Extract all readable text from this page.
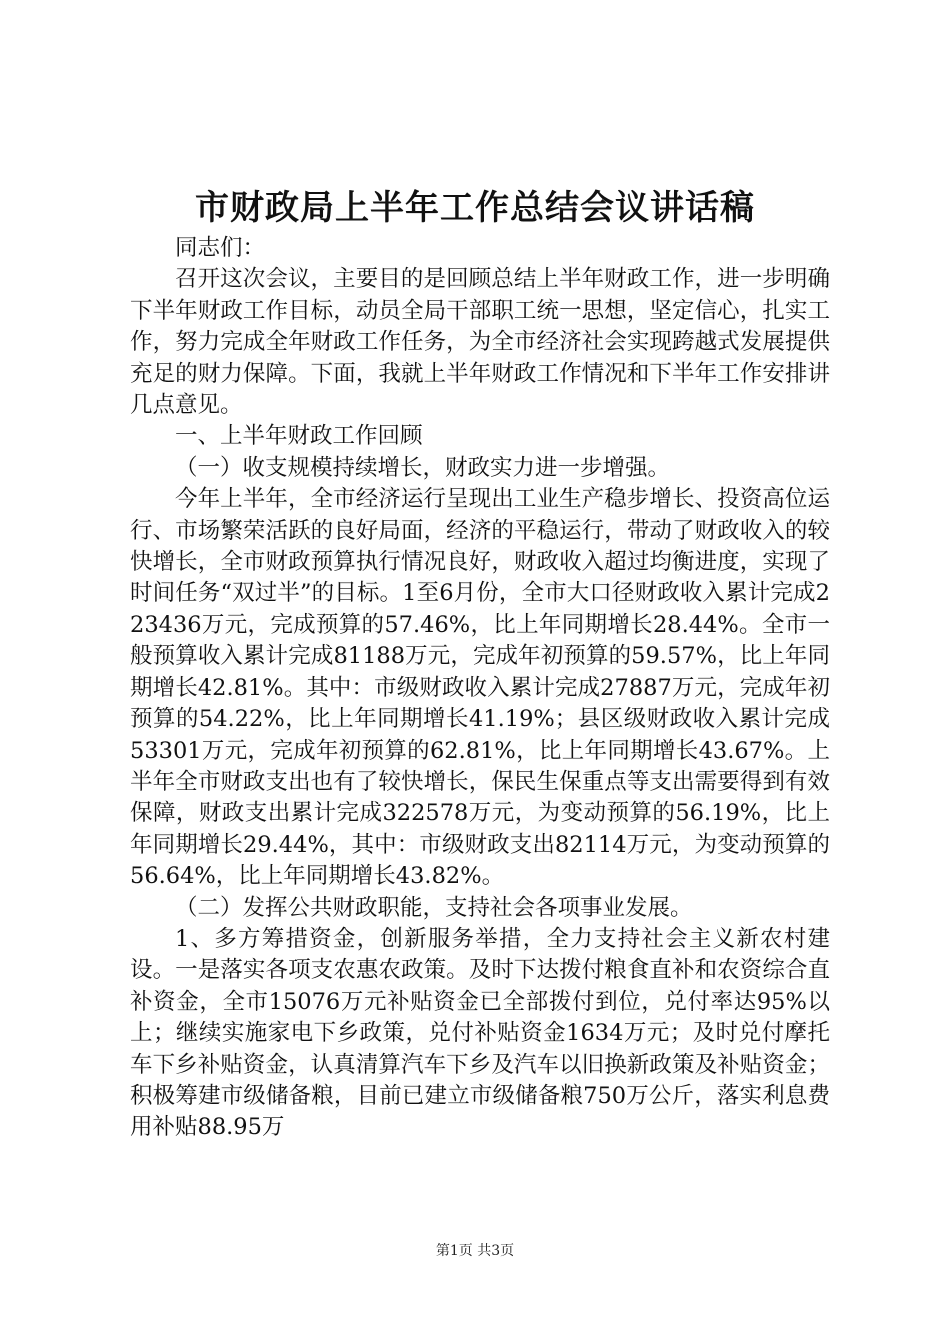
市财政局上半年工作总结会议讲话稿

同志们：

召开这次会议，主要目的是回顾总结上半年财政工作，进一步明确下半年财政工作目标，动员全局干部职工统一思想，坚定信心，扎实工作，努力完成全年财政工作任务，为全市经济社会实现跨越式发展提供充足的财力保障。下面，我就上半年财政工作情况和下半年工作安排讲几点意见。

一、上半年财政工作回顾

（一）收支规模持续增长，财政实力进一步增强。

今年上半年，全市经济运行呈现出工业生产稳步增长、投资高位运行、市场繁荣活跃的良好局面，经济的平稳运行，带动了财政收入的较快增长，全市财政预算执行情况良好，财政收入超过均衡进度，实现了时间任务“双过半”的目标。1至6月份，全市大口径财政收入累计完成223436万元，完成预算的57.46%，比上年同期增长28.44%。全市一般预算收入累计完成81188万元，完成年初预算的59.57%，比上年同期增长42.81%。其中：市级财政收入累计完成27887万元，完成年初预算的54.22%，比上年同期增长41.19%；县区级财政收入累计完成53301万元，完成年初预算的62.81%，比上年同期增长43.67%。上半年全市财政支出也有了较快增长，保民生保重点等支出需要得到有效保障，财政支出累计完成322578万元，为变动预算的56.19%，比上年同期增长29.44%，其中：市级财政支出82114万元，为变动预算的56.64%，比上年同期增长43.82%。

（二）发挥公共财政职能，支持社会各项事业发展。

1、多方筹措资金，创新服务举措，全力支持社会主义新农村建设。一是落实各项支农惠农政策。及时下达拨付粮食直补和农资综合直补资金，全市15076万元补贴资金已全部拨付到位，兑付率达95%以上；继续实施家电下乡政策，兑付补贴资金1634万元；及时兑付摩托车下乡补贴资金，认真清算汽车下乡及汽车以旧换新政策及补贴资金；积极筹建市级储备粮，目前已建立市级储备粮750万公斤，落实利息费用补贴88.95万

第1页 共3页
